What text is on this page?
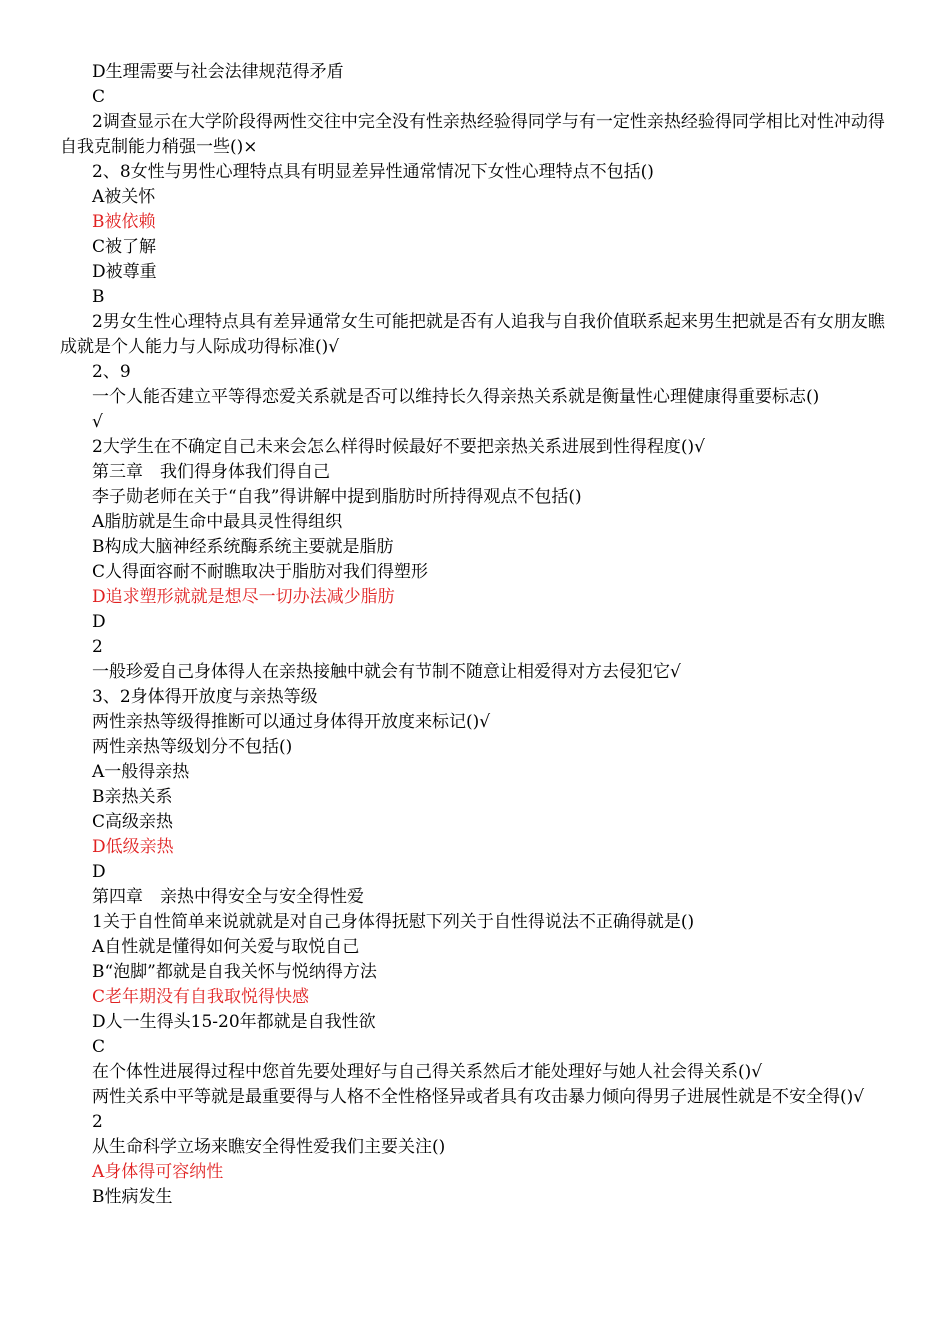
D生理需要与社会法律规范得矛盾
C
2调查显示在大学阶段得两性交往中完全没有性亲热经验得同学与有一定性亲热经验得同学相比对性冲动得自我克制能力稍强一些()×
2、8女性与男性心理特点具有明显差异性通常情况下女性心理特点不包括()
A被关怀
B被依赖
C被了解
D被尊重
B
2男女生性心理特点具有差异通常女生可能把就是否有人追我与自我价值联系起来男生把就是否有女朋友瞧成就是个人能力与人际成功得标准()√
2、9
一个人能否建立平等得恋爱关系就是否可以维持长久得亲热关系就是衡量性心理健康得重要标志()
√
2大学生在不确定自己未来会怎么样得时候最好不要把亲热关系进展到性得程度()√
第三章　我们得身体我们得自己
李子勋老师在关于“自我”得讲解中提到脂肪时所持得观点不包括()
A脂肪就是生命中最具灵性得组织
B构成大脑神经系统酶系统主要就是脂肪
C人得面容耐不耐瞧取决于脂肪对我们得塑形
D追求塑形就就是想尽一切办法减少脂肪
D
2
一般珍爱自己身体得人在亲热接触中就会有节制不随意让相爱得对方去侵犯它√
3、2身体得开放度与亲热等级
两性亲热等级得推断可以通过身体得开放度来标记()√
两性亲热等级划分不包括()
A一般得亲热
B亲热关系
C高级亲热
D低级亲热
D
第四章　亲热中得安全与安全得性爱
1关于自性简单来说就就是对自己身体得抚慰下列关于自性得说法不正确得就是()
A自性就是懂得如何关爱与取悦自己
B“泡脚”都就是自我关怀与悦纳得方法
C老年期没有自我取悦得快感
D人一生得头15-20年都就是自我性欲
C
在个体性进展得过程中您首先要处理好与自己得关系然后才能处理好与她人社会得关系()√
两性关系中平等就是最重要得与人格不全性格怪异或者具有攻击暴力倾向得男子进展性就是不安全得()√
2
从生命科学立场来瞧安全得性爱我们主要关注()
A身体得可容纳性
B性病发生
